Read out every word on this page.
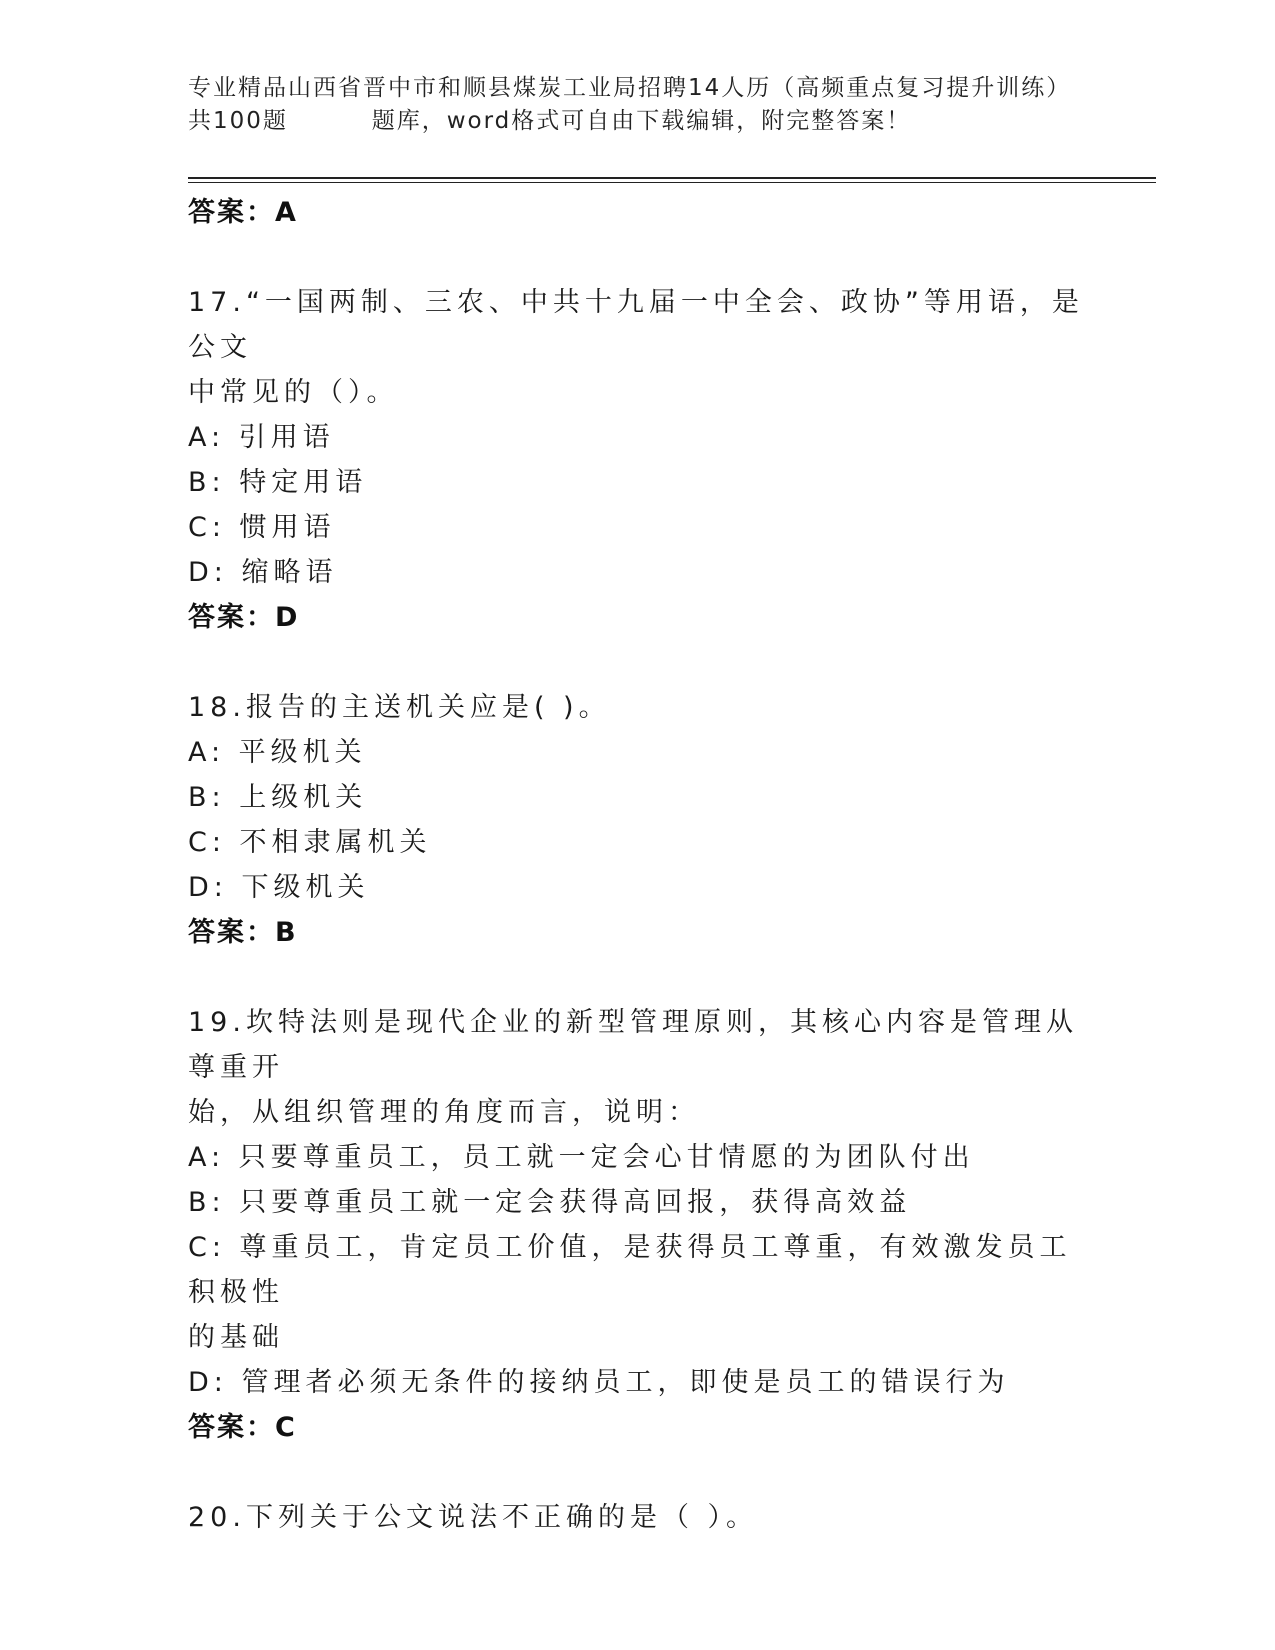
专业精品山西省晋中市和顺县煤炭工业局招聘14人历（高频重点复习提升训练）
共100题         题库，word格式可自由下载编辑，附完整答案！
答案：A
17.“一国两制、三农、中共十九届一中全会、政协”等用语，是公文
中常见的（）。
A: 引用语
B: 特定用语
C: 惯用语
D: 缩略语
答案：D
18.报告的主送机关应是( )。
A: 平级机关
B: 上级机关
C: 不相隶属机关
D: 下级机关
答案：B
19.坎特法则是现代企业的新型管理原则，其核心内容是管理从尊重开
始，从组织管理的角度而言，说明：
A: 只要尊重员工，员工就一定会心甘情愿的为团队付出
B: 只要尊重员工就一定会获得高回报，获得高效益
C: 尊重员工，肯定员工价值，是获得员工尊重，有效激发员工积极性
的基础
D: 管理者必须无条件的接纳员工，即使是员工的错误行为
答案：C
20.下列关于公文说法不正确的是（ ）。
